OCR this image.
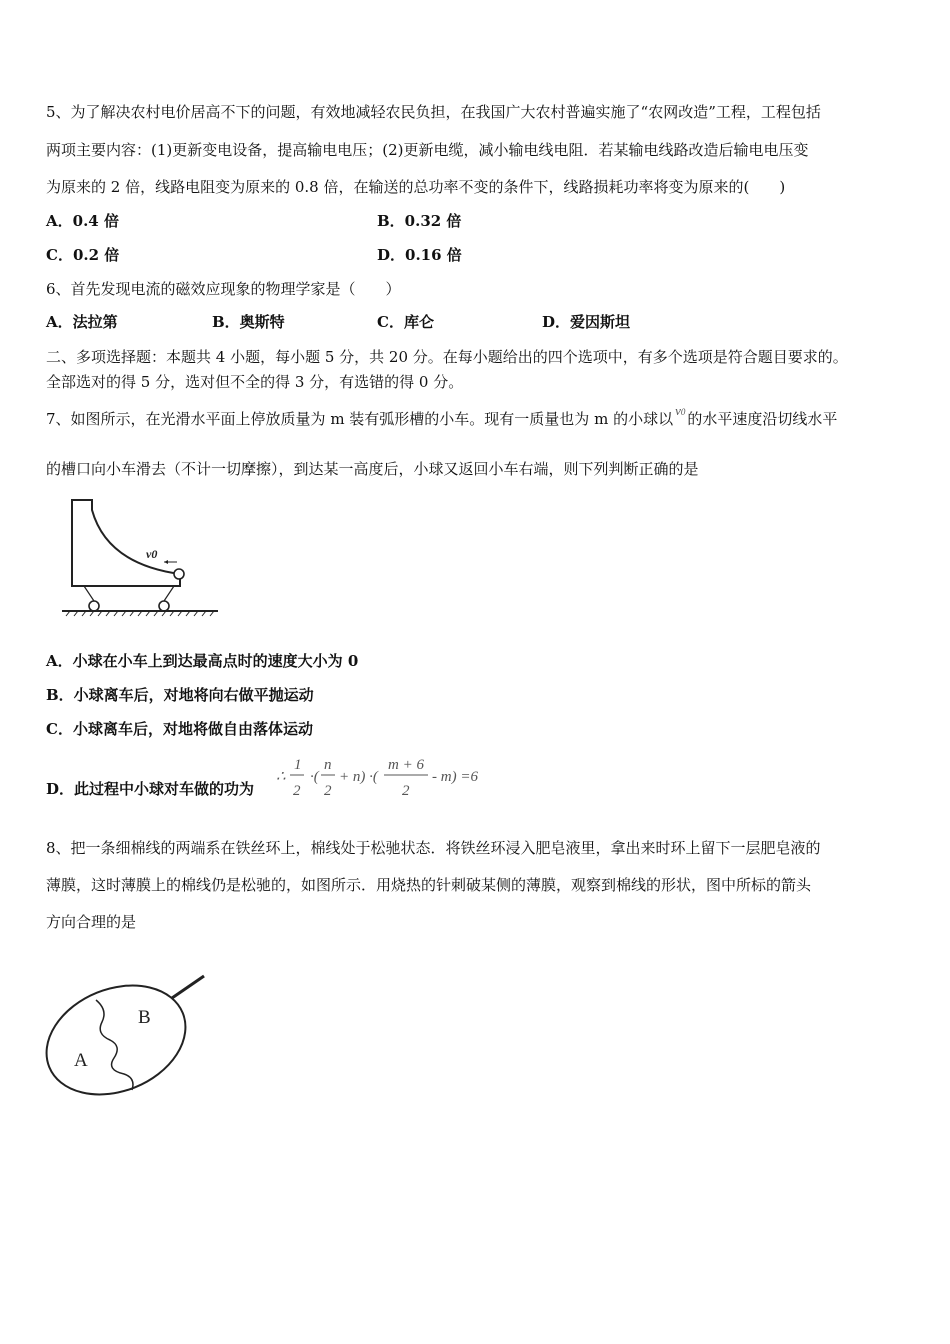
5、为了解决农村电价居高不下的问题，有效地减轻农民负担，在我国广大农村普遍实施了“农网改造”工程，工程包括
两项主要内容：(1)更新变电设备，提高输电电压；(2)更新电缆，减小输电线电阻．若某输电线路改造后输电电压变
为原来的 2 倍，线路电阻变为原来的 0.8 倍，在输送的总功率不变的条件下，线路损耗功率将变为原来的(　　)
A．0.4 倍	B．0.32 倍
C．0.2 倍	D．0.16 倍
6、首先发现电流的磁效应现象的物理学家是（　　）
A．法拉第	B．奥斯特	C．库仑	D．爱因斯坦
二、多项选择题：本题共 4 小题，每小题 5 分，共 20 分。在每小题给出的四个选项中，有多个选项是符合题目要求的。
全部选对的得 5 分，选对但不全的得 3 分，有选错的得 0 分。
7、如图所示，在光滑水平面上停放质量为 m 装有弧形槽的小车。现有一质量也为 m 的小球以 v0 的水平速度沿切线水平
的槽口向小车滑去（不计一切摩擦），到达某一高度后，小球又返回小车右端，则下列判断正确的是
v0
A．小球在小车上到达最高点时的速度大小为 0
B．小球离车后，对地将向右做平抛运动
C．小球离车后，对地将做自由落体运动
D．此过程中小球对车做的功为
∴
1
2
·(
n
2
+ n) ·(
m + 6
2
- m) =6
8、把一条细棉线的两端系在铁丝环上，棉线处于松驰状态．将铁丝环浸入肥皂液里，拿出来时环上留下一层肥皂液的
薄膜，这时薄膜上的棉线仍是松驰的，如图所示．用烧热的针刺破某侧的薄膜，观察到棉线的形状，图中所标的箭头
方向合理的是
A
B
